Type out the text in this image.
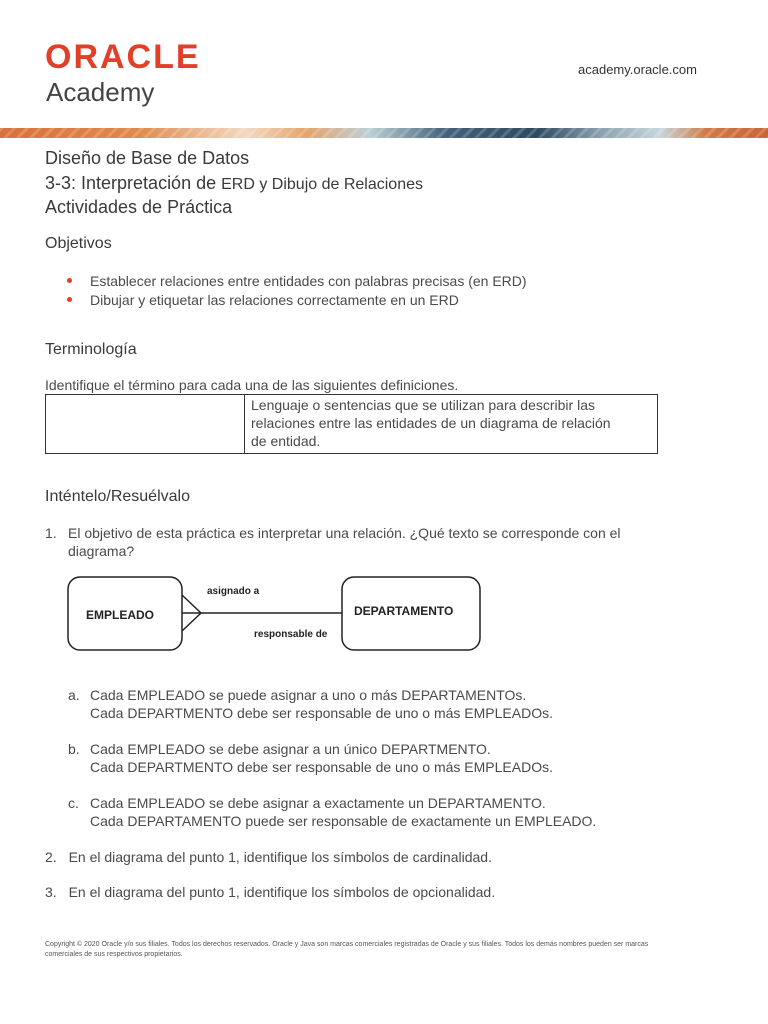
ORACLE
Academy
academy.oracle.com
Diseño de Base de Datos
3-3: Interpretación de ERD y Dibujo de Relaciones
Actividades de Práctica
Objetivos
Establecer relaciones entre entidades con palabras precisas (en ERD)
Dibujar y etiquetar las relaciones correctamente en un ERD
Terminología
Identifique el término para cada una de las siguientes definiciones.

Lenguaje o sentencias que se utilizan para describir las
relaciones entre las entidades de un diagrama de relación
de entidad.
Inténtelo/Resuélvalo
1. El objetivo de esta práctica es interpretar una relación. ¿Qué texto se corresponde con el
diagrama?
EMPLEADO	DEPARTAMENTO
asignado a
responsable de
a. Cada EMPLEADO se puede asignar a uno o más DEPARTAMENTOs.
Cada DEPARTMENTO debe ser responsable de uno o más EMPLEADOs.
b. Cada EMPLEADO se debe asignar a un único DEPARTMENTO.
Cada DEPARTMENTO debe ser responsable de uno o más EMPLEADOs.
c. Cada EMPLEADO se debe asignar a exactamente un DEPARTAMENTO.
Cada DEPARTAMENTO puede ser responsable de exactamente un EMPLEADO.
2. En el diagrama del punto 1, identifique los símbolos de cardinalidad.
3. En el diagrama del punto 1, identifique los símbolos de opcionalidad.
Copyright © 2020 Oracle y/o sus filiales. Todos los derechos reservados. Oracle y Java son marcas comerciales registradas de Oracle y sus filiales. Todos los demás nombres pueden ser marcas
comerciales de sus respectivos propietarios.
